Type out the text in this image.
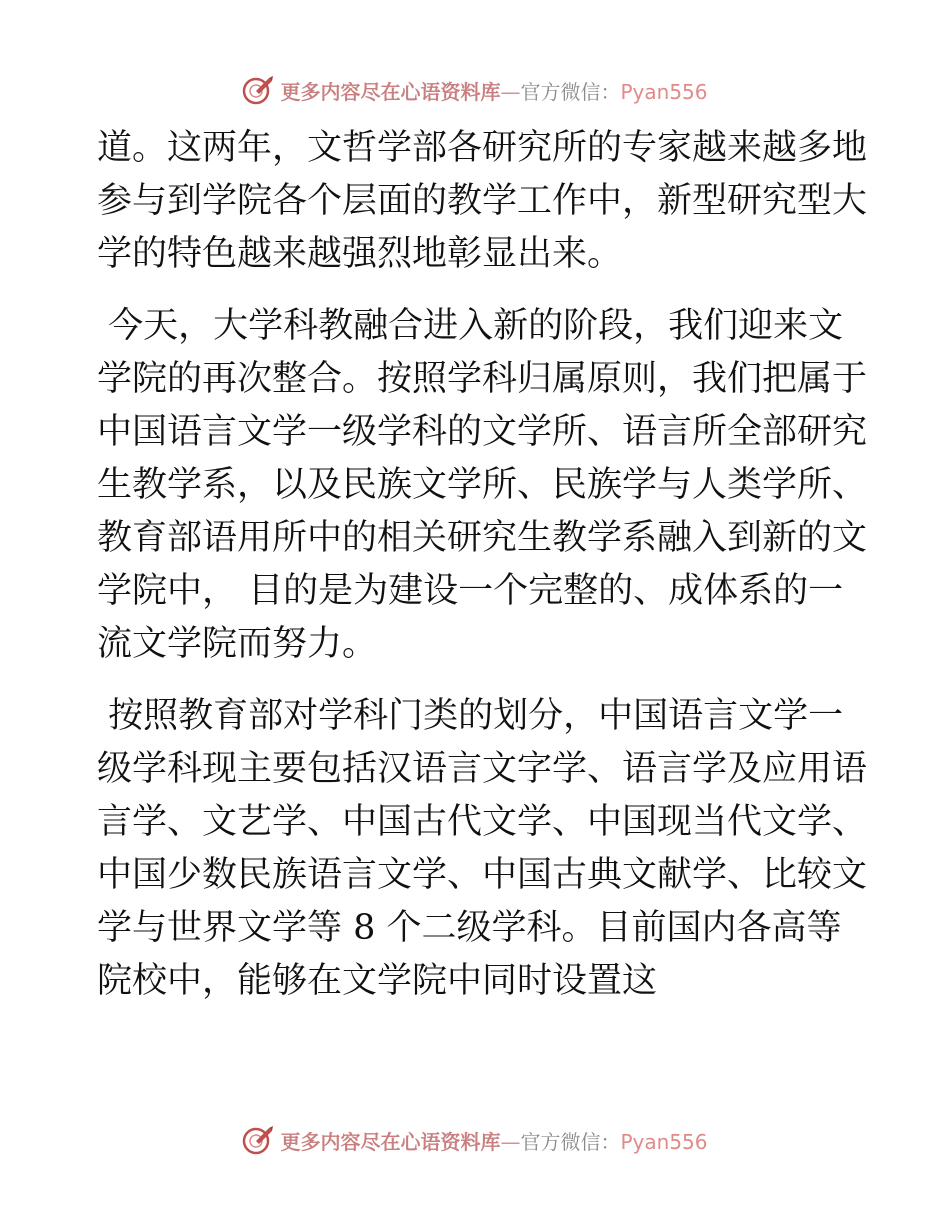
更多内容尽在心语资料库—官方微信：Pyan556

道。这两年，文哲学部各研究所的专家越来越多地
参与到学院各个层面的教学工作中，新型研究型大
学的特色越来越强烈地彰显出来。

今天，大学科教融合进入新的阶段，我们迎来文
学院的再次整合。按照学科归属原则，我们把属于
中国语言文学一级学科的文学所、语言所全部研究
生教学系，以及民族文学所、民族学与人类学所、
教育部语用所中的相关研究生教学系融入到新的文
学院中， 目的是为建设一个完整的、成体系的一
流文学院而努力。

按照教育部对学科门类的划分，中国语言文学一
级学科现主要包括汉语言文字学、语言学及应用语
言学、文艺学、中国古代文学、中国现当代文学、
中国少数民族语言文学、中国古典文献学、比较文
学与世界文学等 8 个二级学科。目前国内各高等
院校中，能够在文学院中同时设置这

更多内容尽在心语资料库—官方微信：Pyan556
